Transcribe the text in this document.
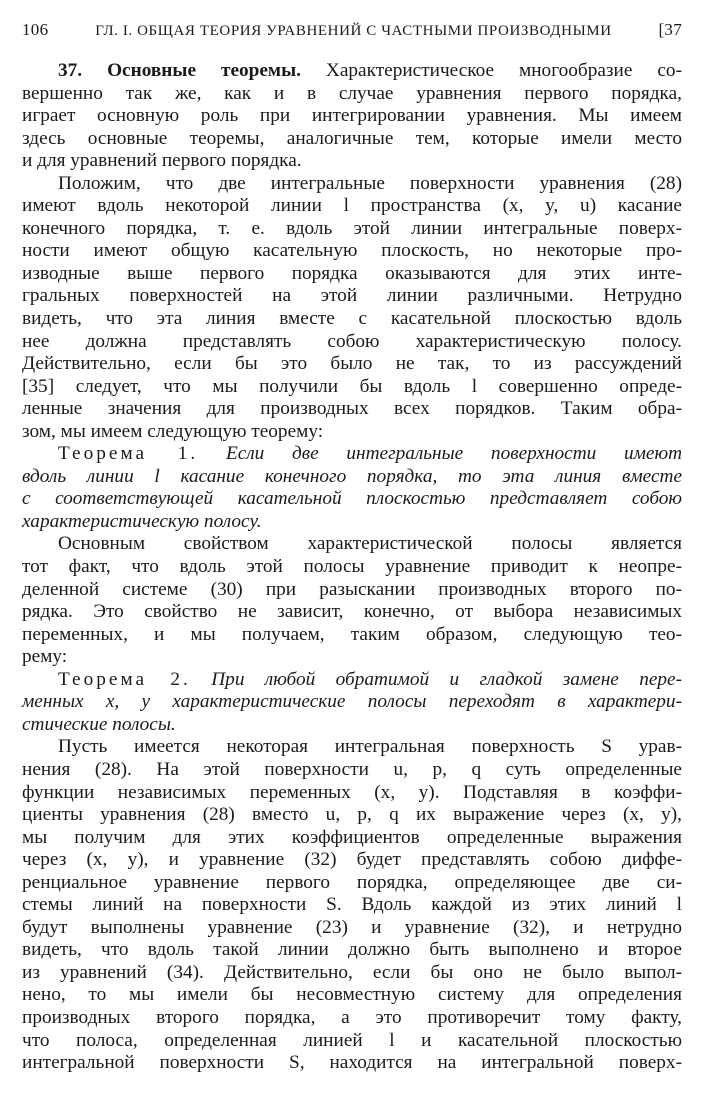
106	ГЛ. I. ОБЩАЯ ТЕОРИЯ УРАВНЕНИЙ С ЧАСТНЫМИ ПРОИЗВОДНЫМИ	[37
37. Основные теоремы. Характеристическое многообразие со-
вершенно так же, как и в случае уравнения первого порядка,
играет основную роль при интегрировании уравнения. Мы имеем
здесь основные теоремы, аналогичные тем, которые имели место
и для уравнений первого порядка.
Положим, что две интегральные поверхности уравнения (28)
имеют вдоль некоторой линии l пространства (x, y, u) касание
конечного порядка, т. е. вдоль этой линии интегральные поверх-
ности имеют общую касательную плоскость, но некоторые про-
изводные выше первого порядка оказываются для этих инте-
гральных поверхностей на этой линии различными. Нетрудно
видеть, что эта линия вместе с касательной плоскостью вдоль
нее должна представлять собою характеристическую полосу.
Действительно, если бы это было не так, то из рассуждений
[35] следует, что мы получили бы вдоль l совершенно опреде-
ленные значения для производных всех порядков. Таким обра-
зом, мы имеем следующую теорему:
Теорема 1. Если две интегральные поверхности имеют
вдоль линии l касание конечного порядка, то эта линия вместе
с соответствующей касательной плоскостью представляет собою
характеристическую полосу.
Основным свойством характеристической полосы является
тот факт, что вдоль этой полосы уравнение приводит к неопре-
деленной системе (30) при разыскании производных второго по-
рядка. Это свойство не зависит, конечно, от выбора независимых
переменных, и мы получаем, таким образом, следующую тео-
рему:
Теорема 2. При любой обратимой и гладкой замене пере-
менных x, y характеристические полосы переходят в характери-
стические полосы.
Пусть имеется некоторая интегральная поверхность S урав-
нения (28). На этой поверхности u, p, q суть определенные
функции независимых переменных (x, y). Подставляя в коэффи-
циенты уравнения (28) вместо u, p, q их выражение через (x, y),
мы получим для этих коэффициентов определенные выражения
через (x, y), и уравнение (32) будет представлять собою диффе-
ренциальное уравнение первого порядка, определяющее две си-
стемы линий на поверхности S. Вдоль каждой из этих линий l
будут выполнены уравнение (23) и уравнение (32), и нетрудно
видеть, что вдоль такой линии должно быть выполнено и второе
из уравнений (34). Действительно, если бы оно не было выпол-
нено, то мы имели бы несовместную систему для определения
производных второго порядка, а это противоречит тому факту,
что полоса, определенная линией l и касательной плоскостью
интегральной поверхности S, находится на интегральной поверх-
